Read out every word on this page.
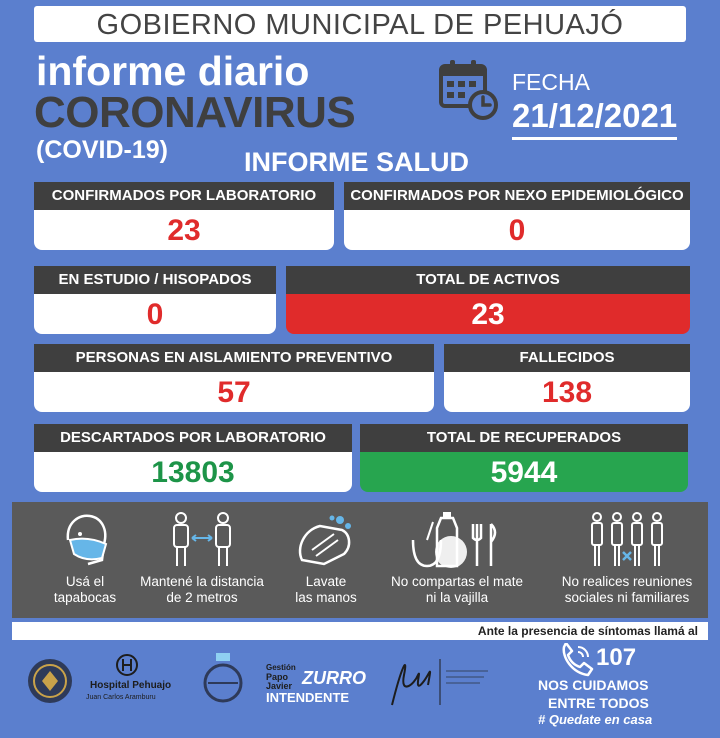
GOBIERNO MUNICIPAL DE PEHUAJÓ
informe diario
CORONAVIRUS
(COVID-19)
FECHA
21/12/2021
INFORME SALUD
CONFIRMADOS POR LABORATORIO
23
CONFIRMADOS POR NEXO EPIDEMIOLÓGICO
0
EN ESTUDIO / HISOPADOS
0
TOTAL DE ACTIVOS
23
PERSONAS EN AISLAMIENTO PREVENTIVO
57
FALLECIDOS
138
DESCARTADOS POR LABORATORIO
13803
TOTAL DE RECUPERADOS
5944
Usá el
tapabocas
Mantené la distancia
de 2 metros
Lavate
las manos
No compartas el mate
ni la vajilla
No realices reuniones
sociales ni familiares
Ante la presencia de síntomas llamá al
Hospital Pehuajo
Juan Carlos Aramburu
Gestión
Papo
Javier ZURRO
INTENDENTE
107
NOS CUIDAMOS
ENTRE TODOS
# Quedate en casa
